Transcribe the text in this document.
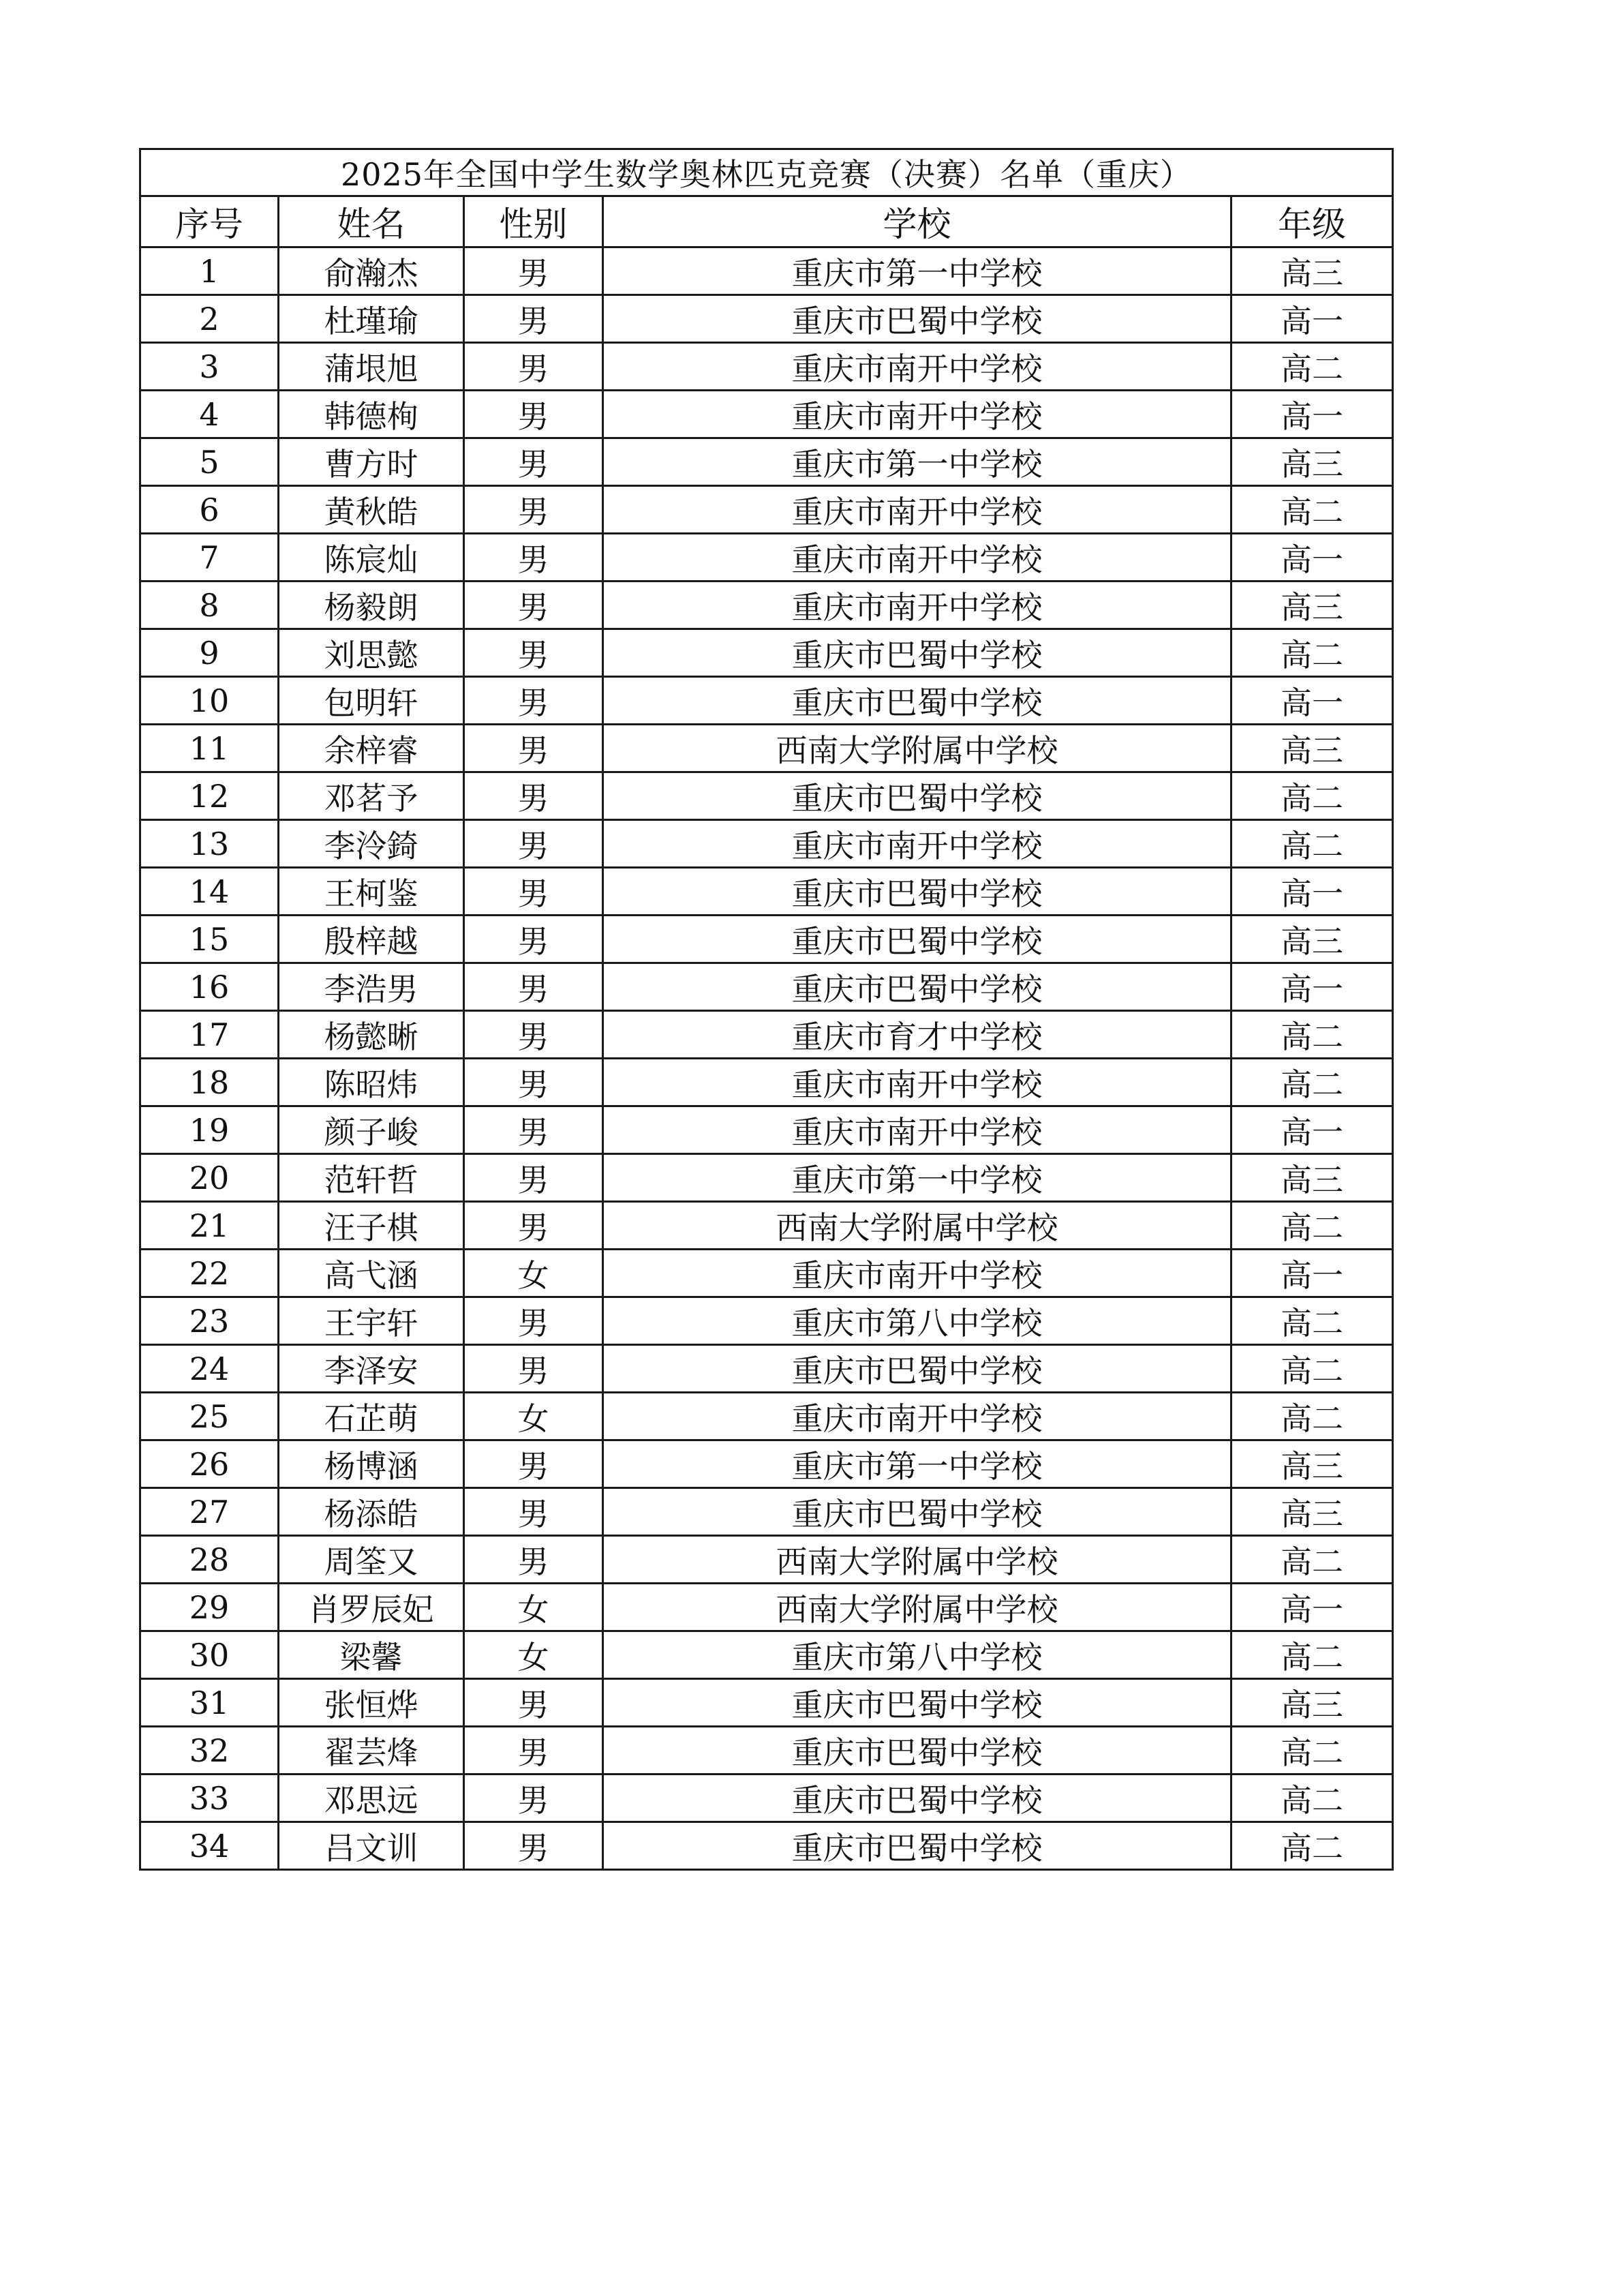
2025年全国中学生数学奥林匹克竞赛（决赛）名单（重庆）				
序号	姓名	性别	学校	年级
1	俞瀚杰	男	重庆市第一中学校	高三
2	杜瑾瑜	男	重庆市巴蜀中学校	高一
3	蒲垠旭	男	重庆市南开中学校	高二
4	韩德栒	男	重庆市南开中学校	高一
5	曹方时	男	重庆市第一中学校	高三
6	黄秋皓	男	重庆市南开中学校	高二
7	陈宸灿	男	重庆市南开中学校	高一
8	杨毅朗	男	重庆市南开中学校	高三
9	刘思懿	男	重庆市巴蜀中学校	高二
10	包明轩	男	重庆市巴蜀中学校	高一
11	余梓睿	男	西南大学附属中学校	高三
12	邓茗予	男	重庆市巴蜀中学校	高二
13	李泠錡	男	重庆市南开中学校	高二
14	王柯鉴	男	重庆市巴蜀中学校	高一
15	殷梓越	男	重庆市巴蜀中学校	高三
16	李浩男	男	重庆市巴蜀中学校	高一
17	杨懿晰	男	重庆市育才中学校	高二
18	陈昭炜	男	重庆市南开中学校	高二
19	颜子峻	男	重庆市南开中学校	高一
20	范轩哲	男	重庆市第一中学校	高三
21	汪子棋	男	西南大学附属中学校	高二
22	高弋涵	女	重庆市南开中学校	高一
23	王宇轩	男	重庆市第八中学校	高二
24	李泽安	男	重庆市巴蜀中学校	高二
25	石芷萌	女	重庆市南开中学校	高二
26	杨博涵	男	重庆市第一中学校	高三
27	杨添皓	男	重庆市巴蜀中学校	高三
28	周筌又	男	西南大学附属中学校	高二
29	肖罗辰妃	女	西南大学附属中学校	高一
30	梁馨	女	重庆市第八中学校	高二
31	张恒烨	男	重庆市巴蜀中学校	高三
32	翟芸烽	男	重庆市巴蜀中学校	高二
33	邓思远	男	重庆市巴蜀中学校	高二
34	吕文训	男	重庆市巴蜀中学校	高二
